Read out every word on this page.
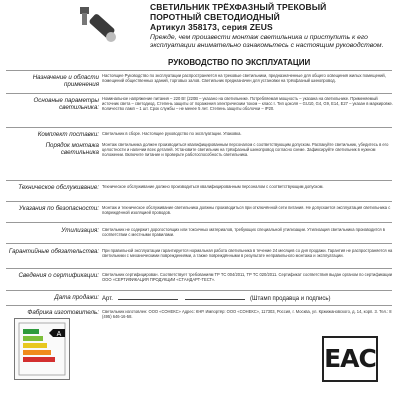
СВЕТИЛЬНИК ТРЁХФАЗНЫЙ ТРЕКОВЫЙ
ПОРОТНЫЙ СВЕТОДИОДНЫЙ
Артикул 358173, серия ZEUS
Прежде, чем произвести монтаж светильника и приступить к его эксплуатации внимательно ознакомьтесь с настоящим руководством.
РУКОВОДСТВО ПО ЭКСПЛУАТАЦИИ
Назначение и области применения
Настоящее Руководство по эксплуатации распространяется на трековые светильники, предназначенные для общего освещения жилых помещений, помещений общественных зданий, торговых залов. Светильник предназначен для установки на трёхфазный шинопровод.
Основные параметры светильника:
Номинальное напряжение питания – 220 Вт (220В – указано на светильнике. Потребляемая мощность – указана на светильнике. Применяемый источник света – светодиод. Степень защиты от поражения электрическим током – класс I. Тип цоколя – GU10, G4, G9, E14, E27 – указан в маркировке. Количество ламп – 1 шт. Срок службы – не менее 5 лет. Степень защиты оболочки – IP20.
Комплект поставки: Светильник в сборе. Настоящее руководство по эксплуатации. Упаковка.
Порядок монтажа светильника
Монтаж светильника должен производиться квалифицированным персоналом с соответствующим допуском. Распакуйте светильник, убедитесь в его целостности и наличии всех деталей. Установите светильник на трёхфазный шинопровод согласно схеме. Зафиксируйте светильник в нужном положении. Включите питание и проверьте работоспособность светильника.
Техническое обслуживание: Техническое обслуживание должно производиться квалифицированным персоналом с соответствующим допуском.
Указания по безопасности: Монтаж и техническое обслуживание светильника должны производиться при отключённой сети питания. Не допускается эксплуатация светильника с повреждённой изоляцией проводов.
Утилизация: Светильник не содержит дорогостоящих или токсичных материалов, требующих специальной утилизации. Утилизация светильника производится в соответствии с местными правилами.
Гарантийные обязательства: При правильной эксплуатации гарантируется нормальная работа светильника в течение 24 месяцев со дня продажи. Гарантия не распространяется на светильники с механическими повреждениями, а также повреждёнными в результате неправильного монтажа и эксплуатации.
Сведения о сертификации: Светильник сертифицирован. Соответствует требованиям ТР ТС 004/2011, ТР ТС 020/2011. Сертификат соответствия выдан органом по сертификации ООО «СЕРТИФИКАЦИЯ ПРОДУКЦИИ «СТАНДАРТ-ТЕСТ».
Дата продажи: Арт.	(Штамп продавца и подпись)
Фабрика изготовитель: Светильник изготовлен: ООО «СОНЕКС» Адрес: КНР. Импортёр: ООО «СОНЕКС», 117303, Россия, г. Москва, ул. Кржижановского, д. 14, корп. 3. Тел.: 8 (495) 646-16-58.
A
EAC
